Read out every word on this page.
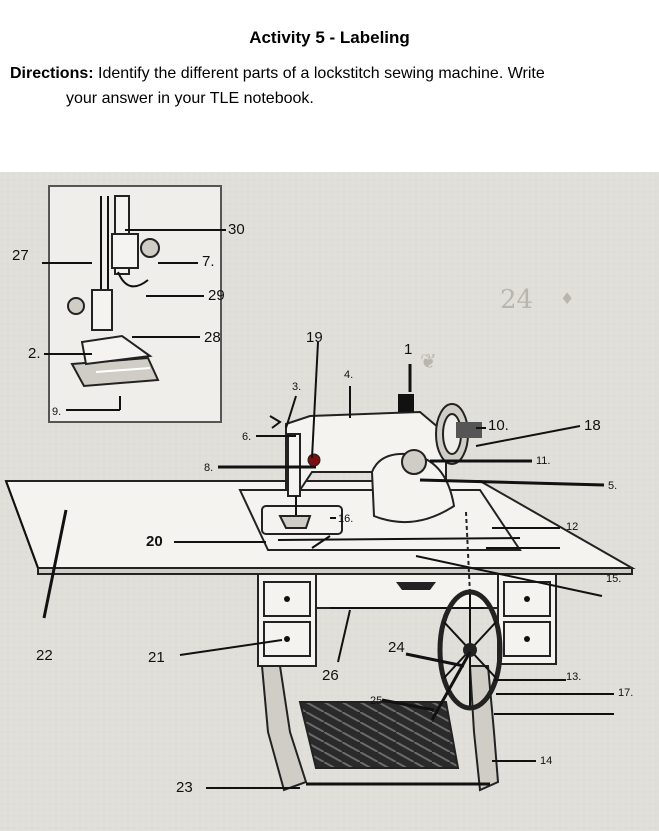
Activity 5 - Labeling
Directions: Identify the different parts of a lockstitch sewing machine. Write
your answer in your TLE notebook.
24 ♦
❦
30
27	7.
29
28	19
1
2.
4.
3.
9.
10.	18
6.
11.
8.
5.
16.
12
20
15.
24
22	21
26	13.
17.
25
14
23
